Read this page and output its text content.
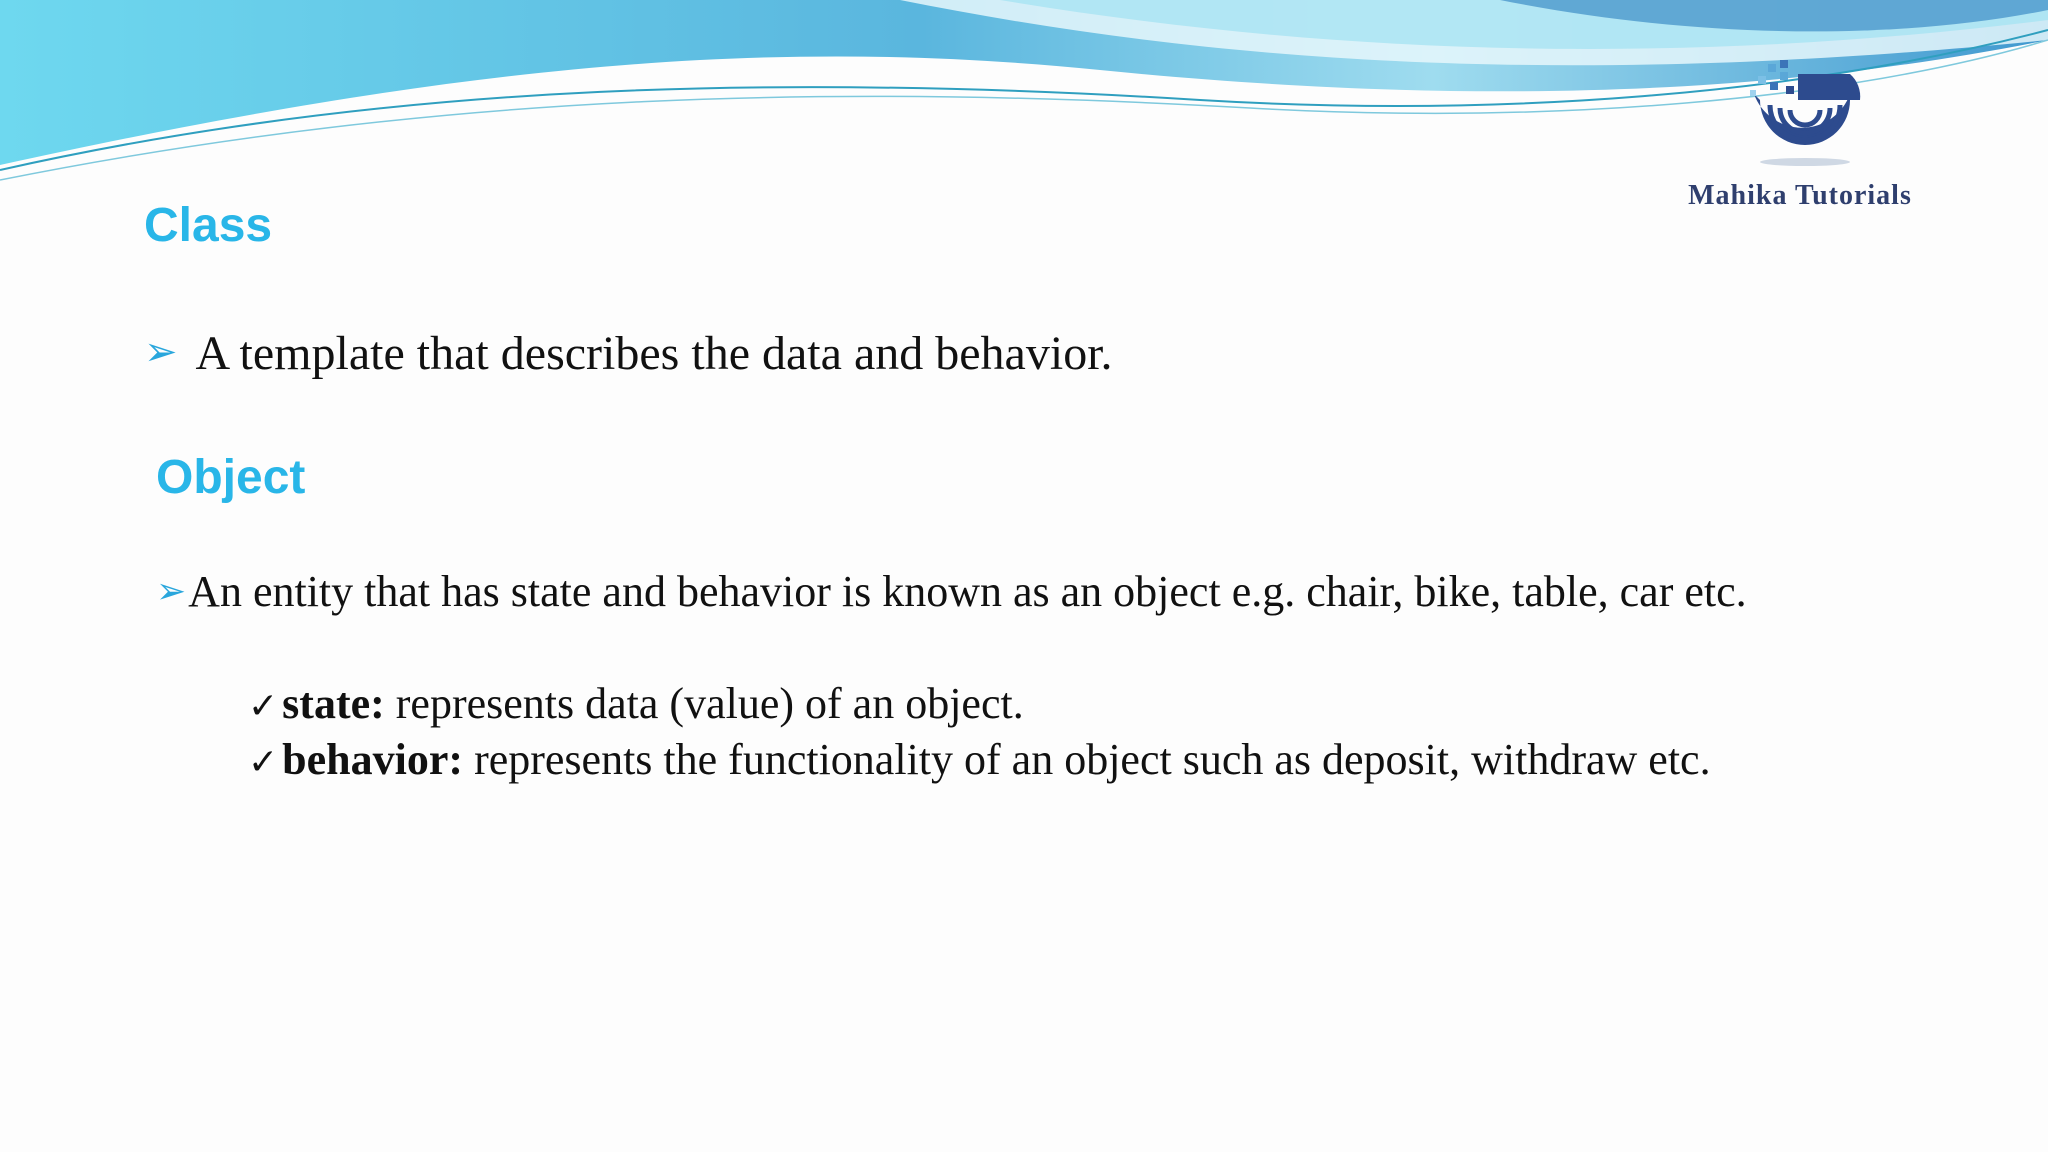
Mahika Tutorials
Class
➢ A template that describes the data and behavior.
Object
➢An entity that has state and behavior is known as an object e.g. chair, bike, table, car etc.
✓state: represents data (value) of an object.
✓behavior: represents the functionality of an object such as deposit, withdraw etc.
